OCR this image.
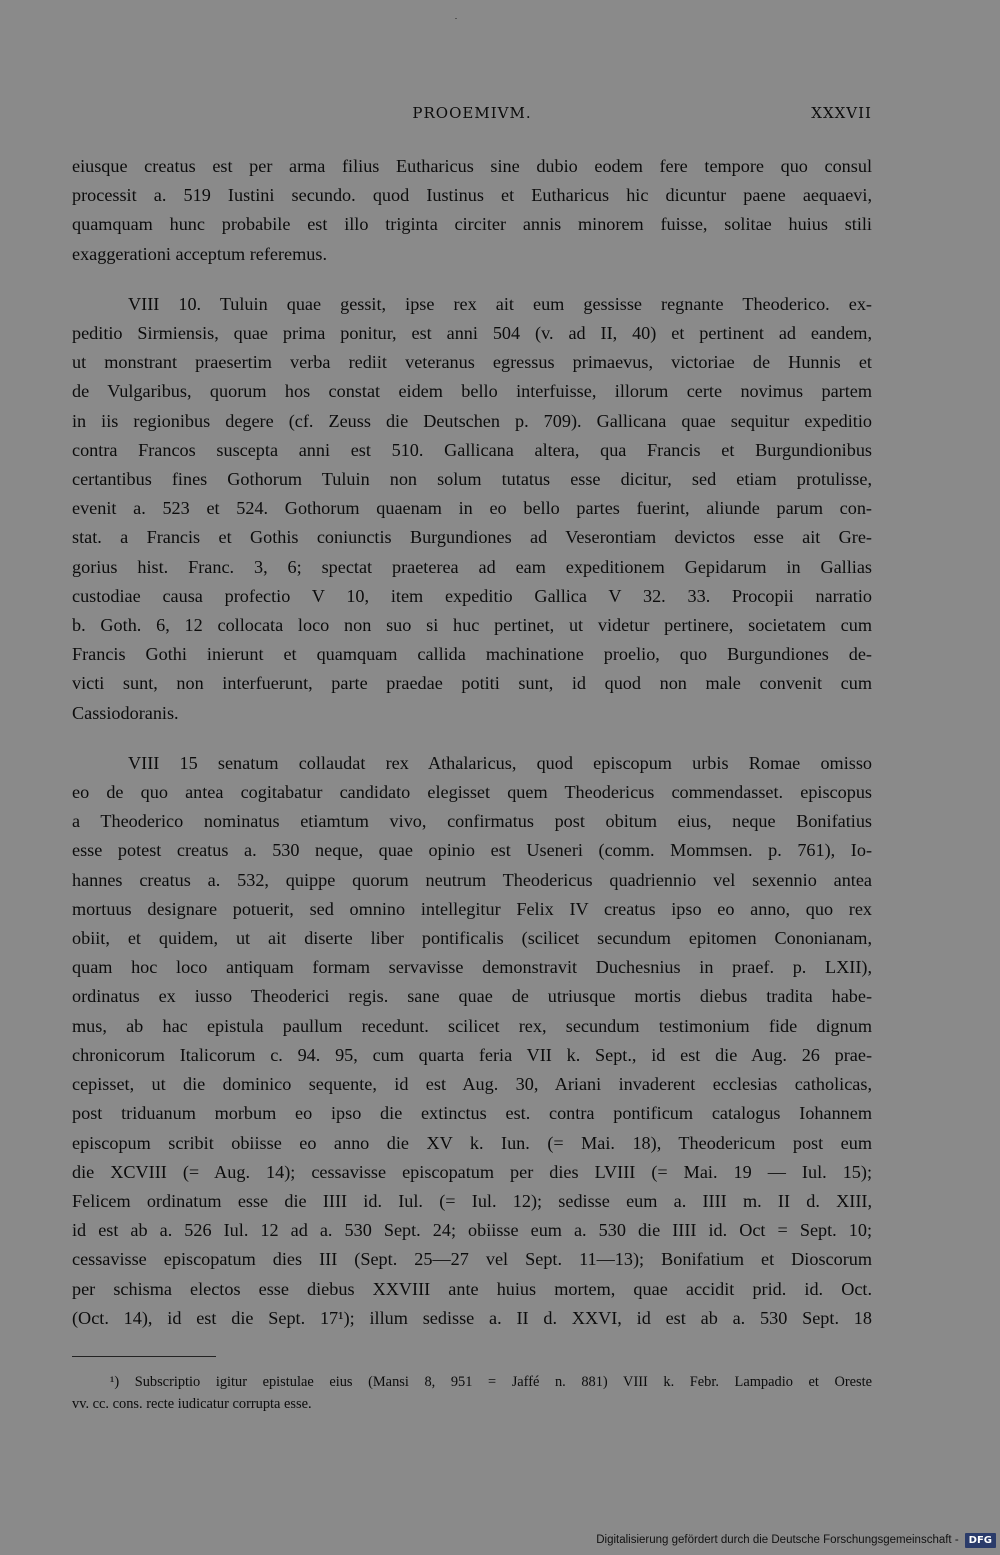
PROOEMIVM.	XXXVII

eiusque creatus est per arma filius Eutharicus sine dubio eodem fere tempore quo consul
processit a. 519 Iustini secundo. quod Iustinus et Eutharicus hic dicuntur paene aequaevi,
quamquam hunc probabile est illo triginta circiter annis minorem fuisse, solitae huius stili
exaggerationi acceptum referemus.

VIII 10. Tuluin quae gessit, ipse rex ait eum gessisse regnante Theoderico. ex-
peditio Sirmiensis, quae prima ponitur, est anni 504 (v. ad II, 40) et pertinent ad eandem,
ut monstrant praesertim verba rediit veteranus egressus primaevus, victoriae de Hunnis et
de Vulgaribus, quorum hos constat eidem bello interfuisse, illorum certe novimus partem
in iis regionibus degere (cf. Zeuss die Deutschen p. 709). Gallicana quae sequitur expeditio
contra Francos suscepta anni est 510. Gallicana altera, qua Francis et Burgundionibus
certantibus fines Gothorum Tuluin non solum tutatus esse dicitur, sed etiam protulisse,
evenit a. 523 et 524. Gothorum quaenam in eo bello partes fuerint, aliunde parum con-
stat. a Francis et Gothis coniunctis Burgundiones ad Veserontiam devictos esse ait Gre-
gorius hist. Franc. 3, 6; spectat praeterea ad eam expeditionem Gepidarum in Gallias
custodiae causa profectio V 10, item expeditio Gallica V 32. 33. Procopii narratio
b. Goth. 6, 12 collocata loco non suo si huc pertinet, ut videtur pertinere, societatem cum
Francis Gothi inierunt et quamquam callida machinatione proelio, quo Burgundiones de-
victi sunt, non interfuerunt, parte praedae potiti sunt, id quod non male convenit cum
Cassiodoranis.

VIII 15 senatum collaudat rex Athalaricus, quod episcopum urbis Romae omisso
eo de quo antea cogitabatur candidato elegisset quem Theodericus commendasset. episcopus
a Theoderico nominatus etiamtum vivo, confirmatus post obitum eius, neque Bonifatius
esse potest creatus a. 530 neque, quae opinio est Useneri (comm. Mommsen. p. 761), Io-
hannes creatus a. 532, quippe quorum neutrum Theodericus quadriennio vel sexennio antea
mortuus designare potuerit, sed omnino intellegitur Felix IV creatus ipso eo anno, quo rex
obiit, et quidem, ut ait diserte liber pontificalis (scilicet secundum epitomen Cononianam,
quam hoc loco antiquam formam servavisse demonstravit Duchesnius in praef. p. LXII),
ordinatus ex iusso Theoderici regis. sane quae de utriusque mortis diebus tradita habe-
mus, ab hac epistula paullum recedunt. scilicet rex, secundum testimonium fide dignum
chronicorum Italicorum c. 94. 95, cum quarta feria VII k. Sept., id est die Aug. 26 prae-
cepisset, ut die dominico sequente, id est Aug. 30, Ariani invaderent ecclesias catholicas,
post triduanum morbum eo ipso die extinctus est. contra pontificum catalogus Iohannem
episcopum scribit obiisse eo anno die XV k. Iun. (= Mai. 18), Theodericum post eum
die XCVIII (= Aug. 14); cessavisse episcopatum per dies LVIII (= Mai. 19 — Iul. 15);
Felicem ordinatum esse die IIII id. Iul. (= Iul. 12); sedisse eum a. IIII m. II d. XIII,
id est ab a. 526 Iul. 12 ad a. 530 Sept. 24; obiisse eum a. 530 die IIII id. Oct = Sept. 10;
cessavisse episcopatum dies III (Sept. 25—27 vel Sept. 11—13); Bonifatium et Dioscorum
per schisma electos esse diebus XXVIII ante huius mortem, quae accidit prid. id. Oct.
(Oct. 14), id est die Sept. 17¹); illum sedisse a. II d. XXVI, id est ab a. 530 Sept. 18

¹) Subscriptio igitur epistulae eius (Mansi 8, 951 = Jaffé n. 881) VIII k. Febr. Lampadio et Oreste
vv. cc. cons. recte iudicatur corrupta esse.
Digitalisierung gefördert durch die Deutsche Forschungsgemeinschaft -	DFG
